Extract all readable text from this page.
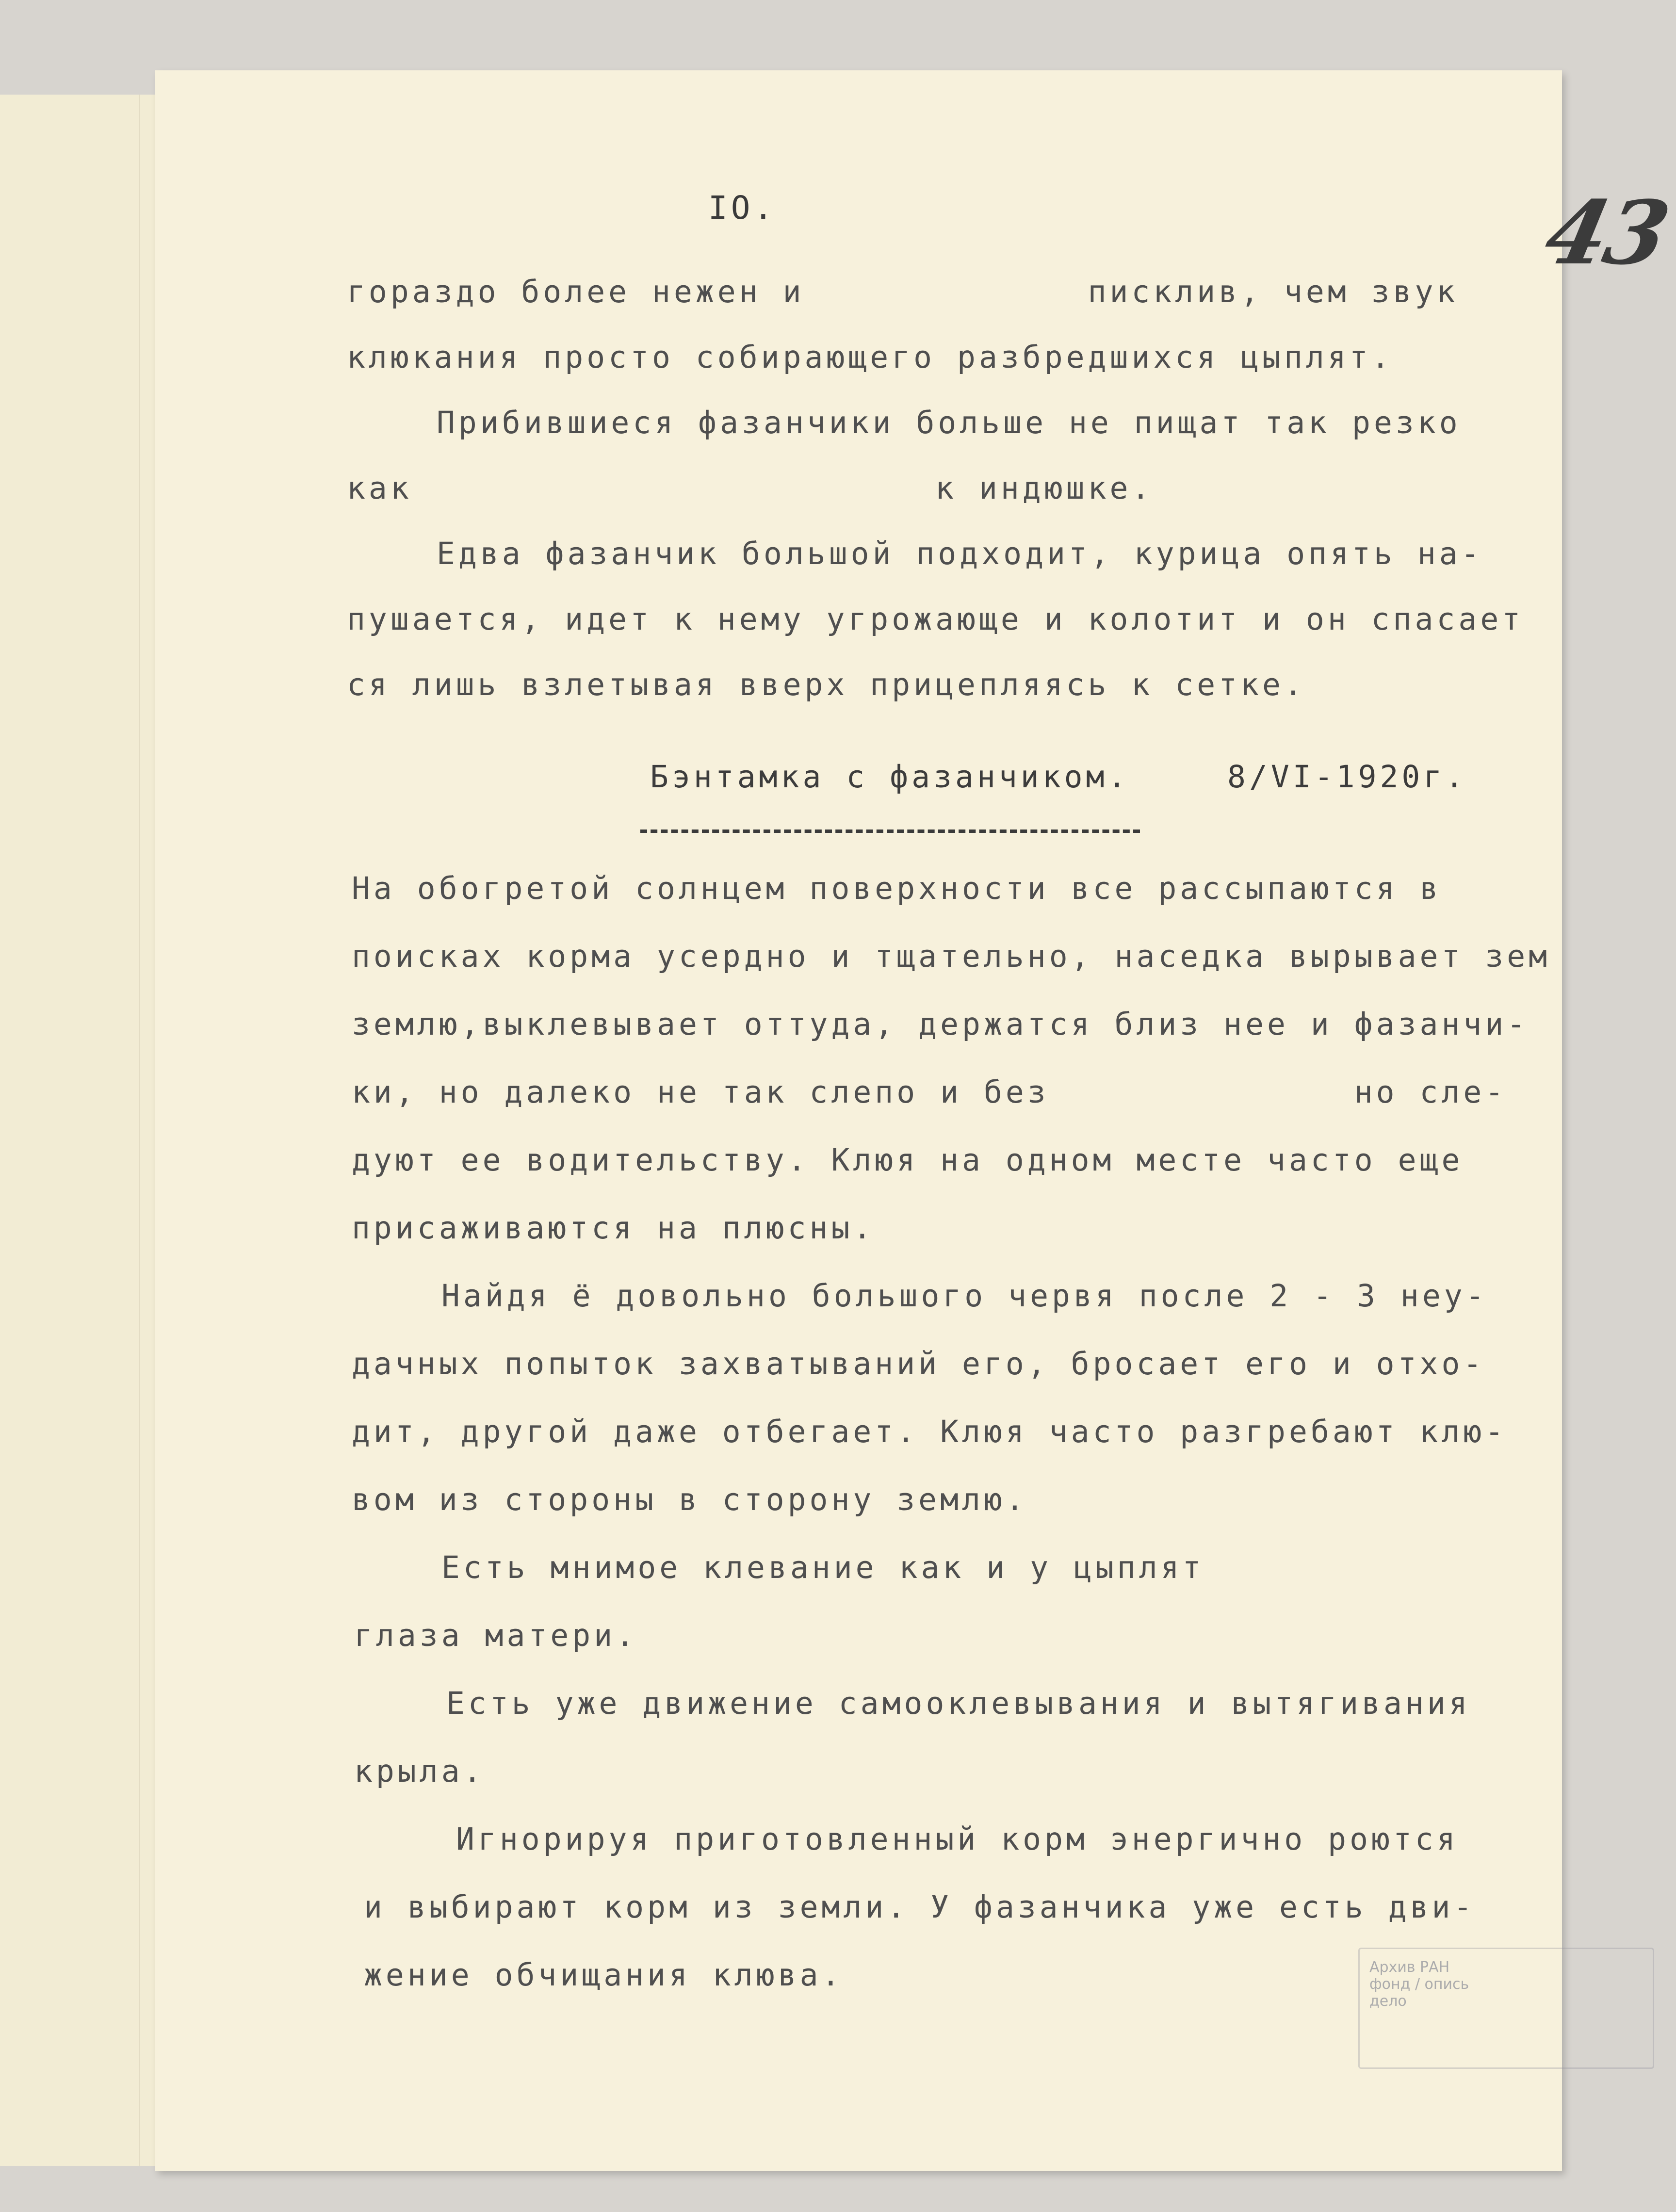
43

IO.

гораздо более нежен и             писклив, чем звук

клюкания просто собирающего разбредшихся цыплят.

Прибившиеся фазанчики больше не пищат так резко

как                        к индюшке.

Едва фазанчик большой подходит, курица опять на-

пушается, идет к нему угрожающе и колотит и он спасает

ся лишь взлетывая вверх прицепляясь к сетке.

Бэнтамка с фазанчиком.

	8/VI-1920г.

На обогретой солнцем поверхности все рассыпаются в

поисках корма усердно и тщательно, наседка вырывает зем

землю,выклевывает оттуда, держатся близ нее и фазанчи-

ки, но далеко не так слепо и без              но сле-

дуют ее водительству. Клюя на одном месте часто еще

присаживаются на плюсны.

Найдя ё довольно большого червя после 2 - 3 неу-

дачных попыток захватываний его, бросает его и отхо-

дит, другой даже отбегает. Клюя часто разгребают клю-

вом из стороны в сторону землю.

Есть мнимое клевание как и у цыплят

глаза матери.

Есть уже движение самооклевывания и вытягивания

крыла.

Игнорируя приготовленный корм энергично роются

и выбирают корм из земли. У фазанчика уже есть дви-

жение обчищания клюва.

	Архив РАН
фонд / опись
дело
